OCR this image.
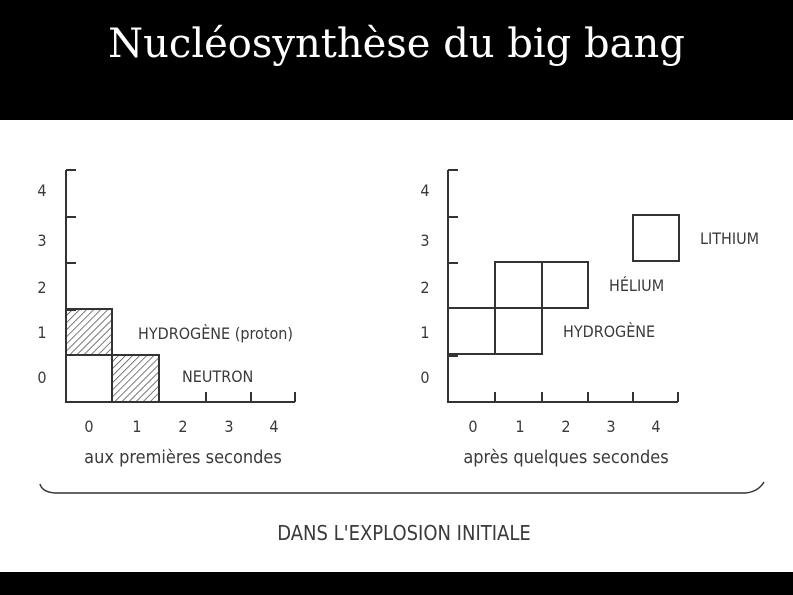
Nucléosynthèse du big bang
4
3
2
1
0
0 1 2 3 4
HYDROGÈNE (proton)
NEUTRON
aux premières secondes
4
3
2
1
0
0 1 2 3 4
HYDROGÈNE
HÉLIUM
LITHIUM
après quelques secondes
DANS L'EXPLOSION INITIALE
